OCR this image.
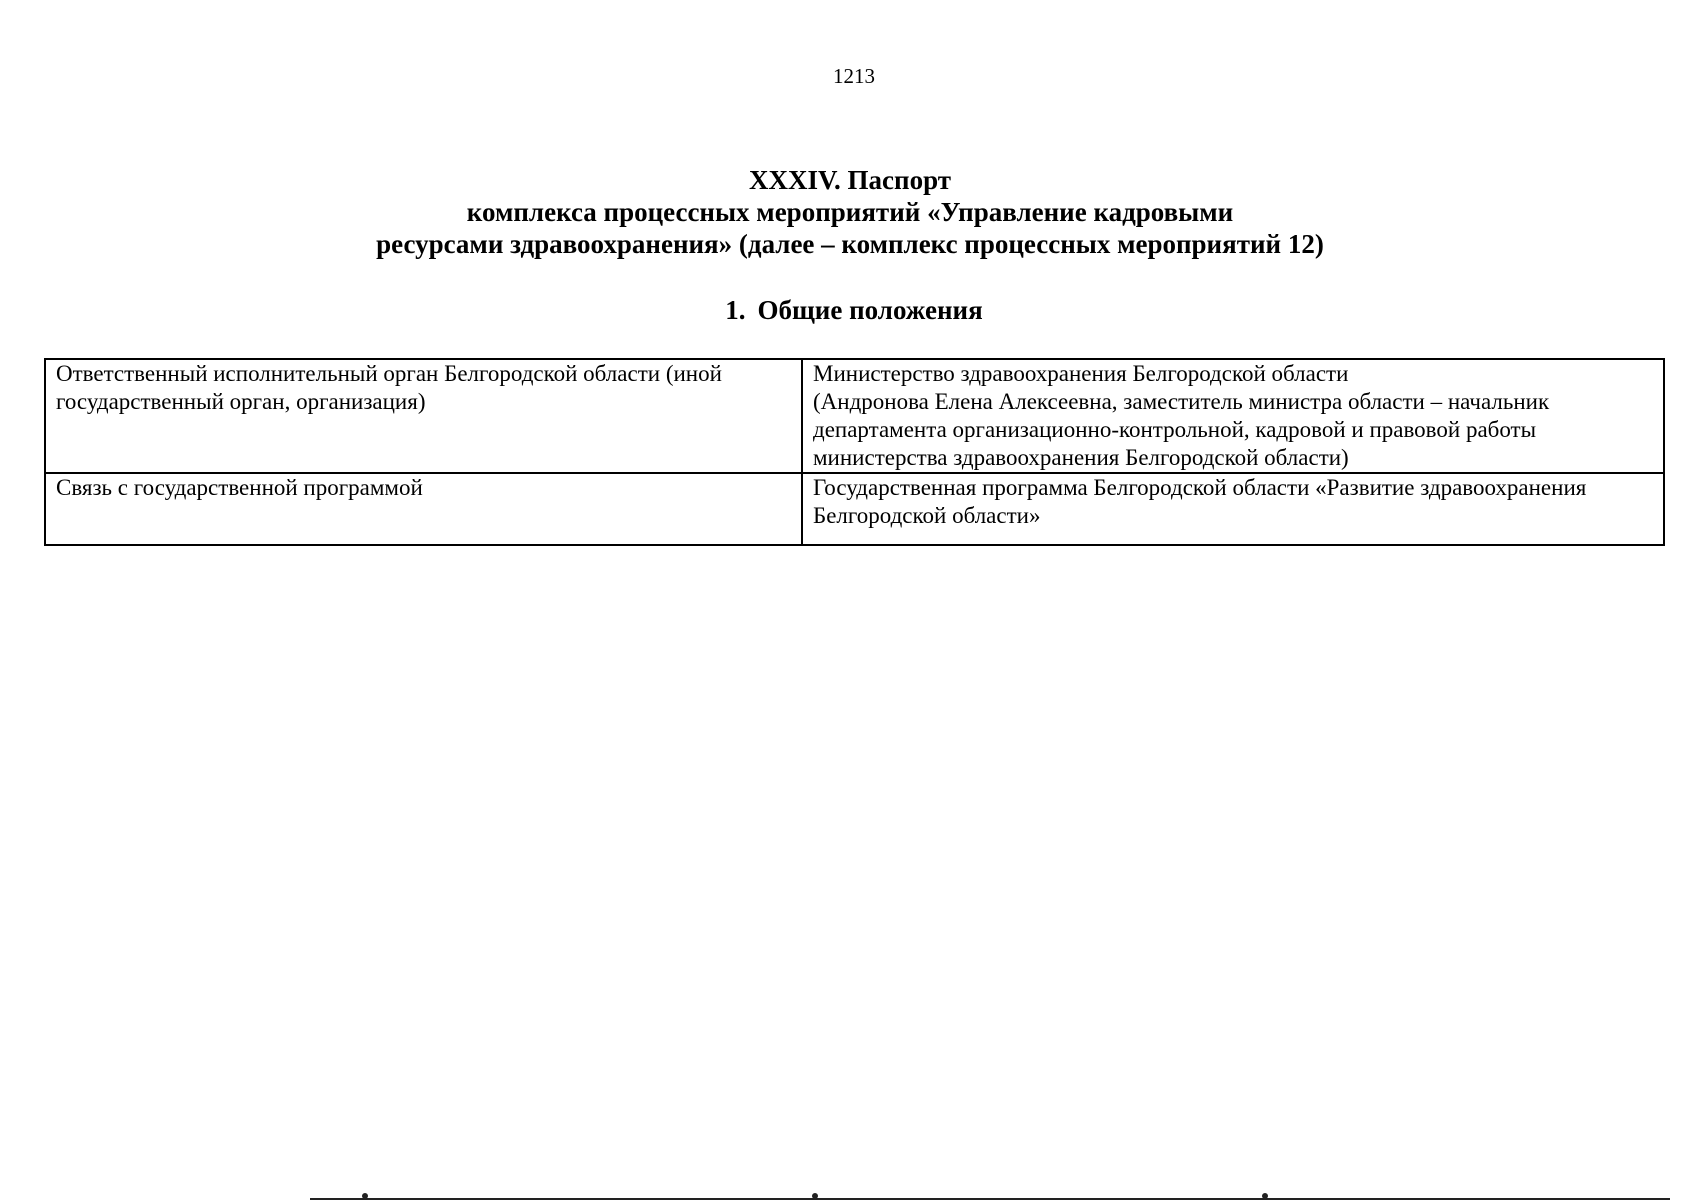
1213
XXXIV. Паспорт
комплекса процессных мероприятий «Управление кадровыми
ресурсами здравоохранения» (далее – комплекс процессных мероприятий 12)
1. Общие положения
Ответственный исполнительный орган Белгородской области (иной
государственный орган, организация)	Министерство здравоохранения Белгородской области
(Андронова Елена Алексеевна, заместитель министра области – начальник
департамента организационно-контрольной, кадровой и правовой работы
министерства здравоохранения Белгородской области)

Связь с государственной программой	Государственная программа Белгородской области «Развитие здравоохранения
Белгородской области»
